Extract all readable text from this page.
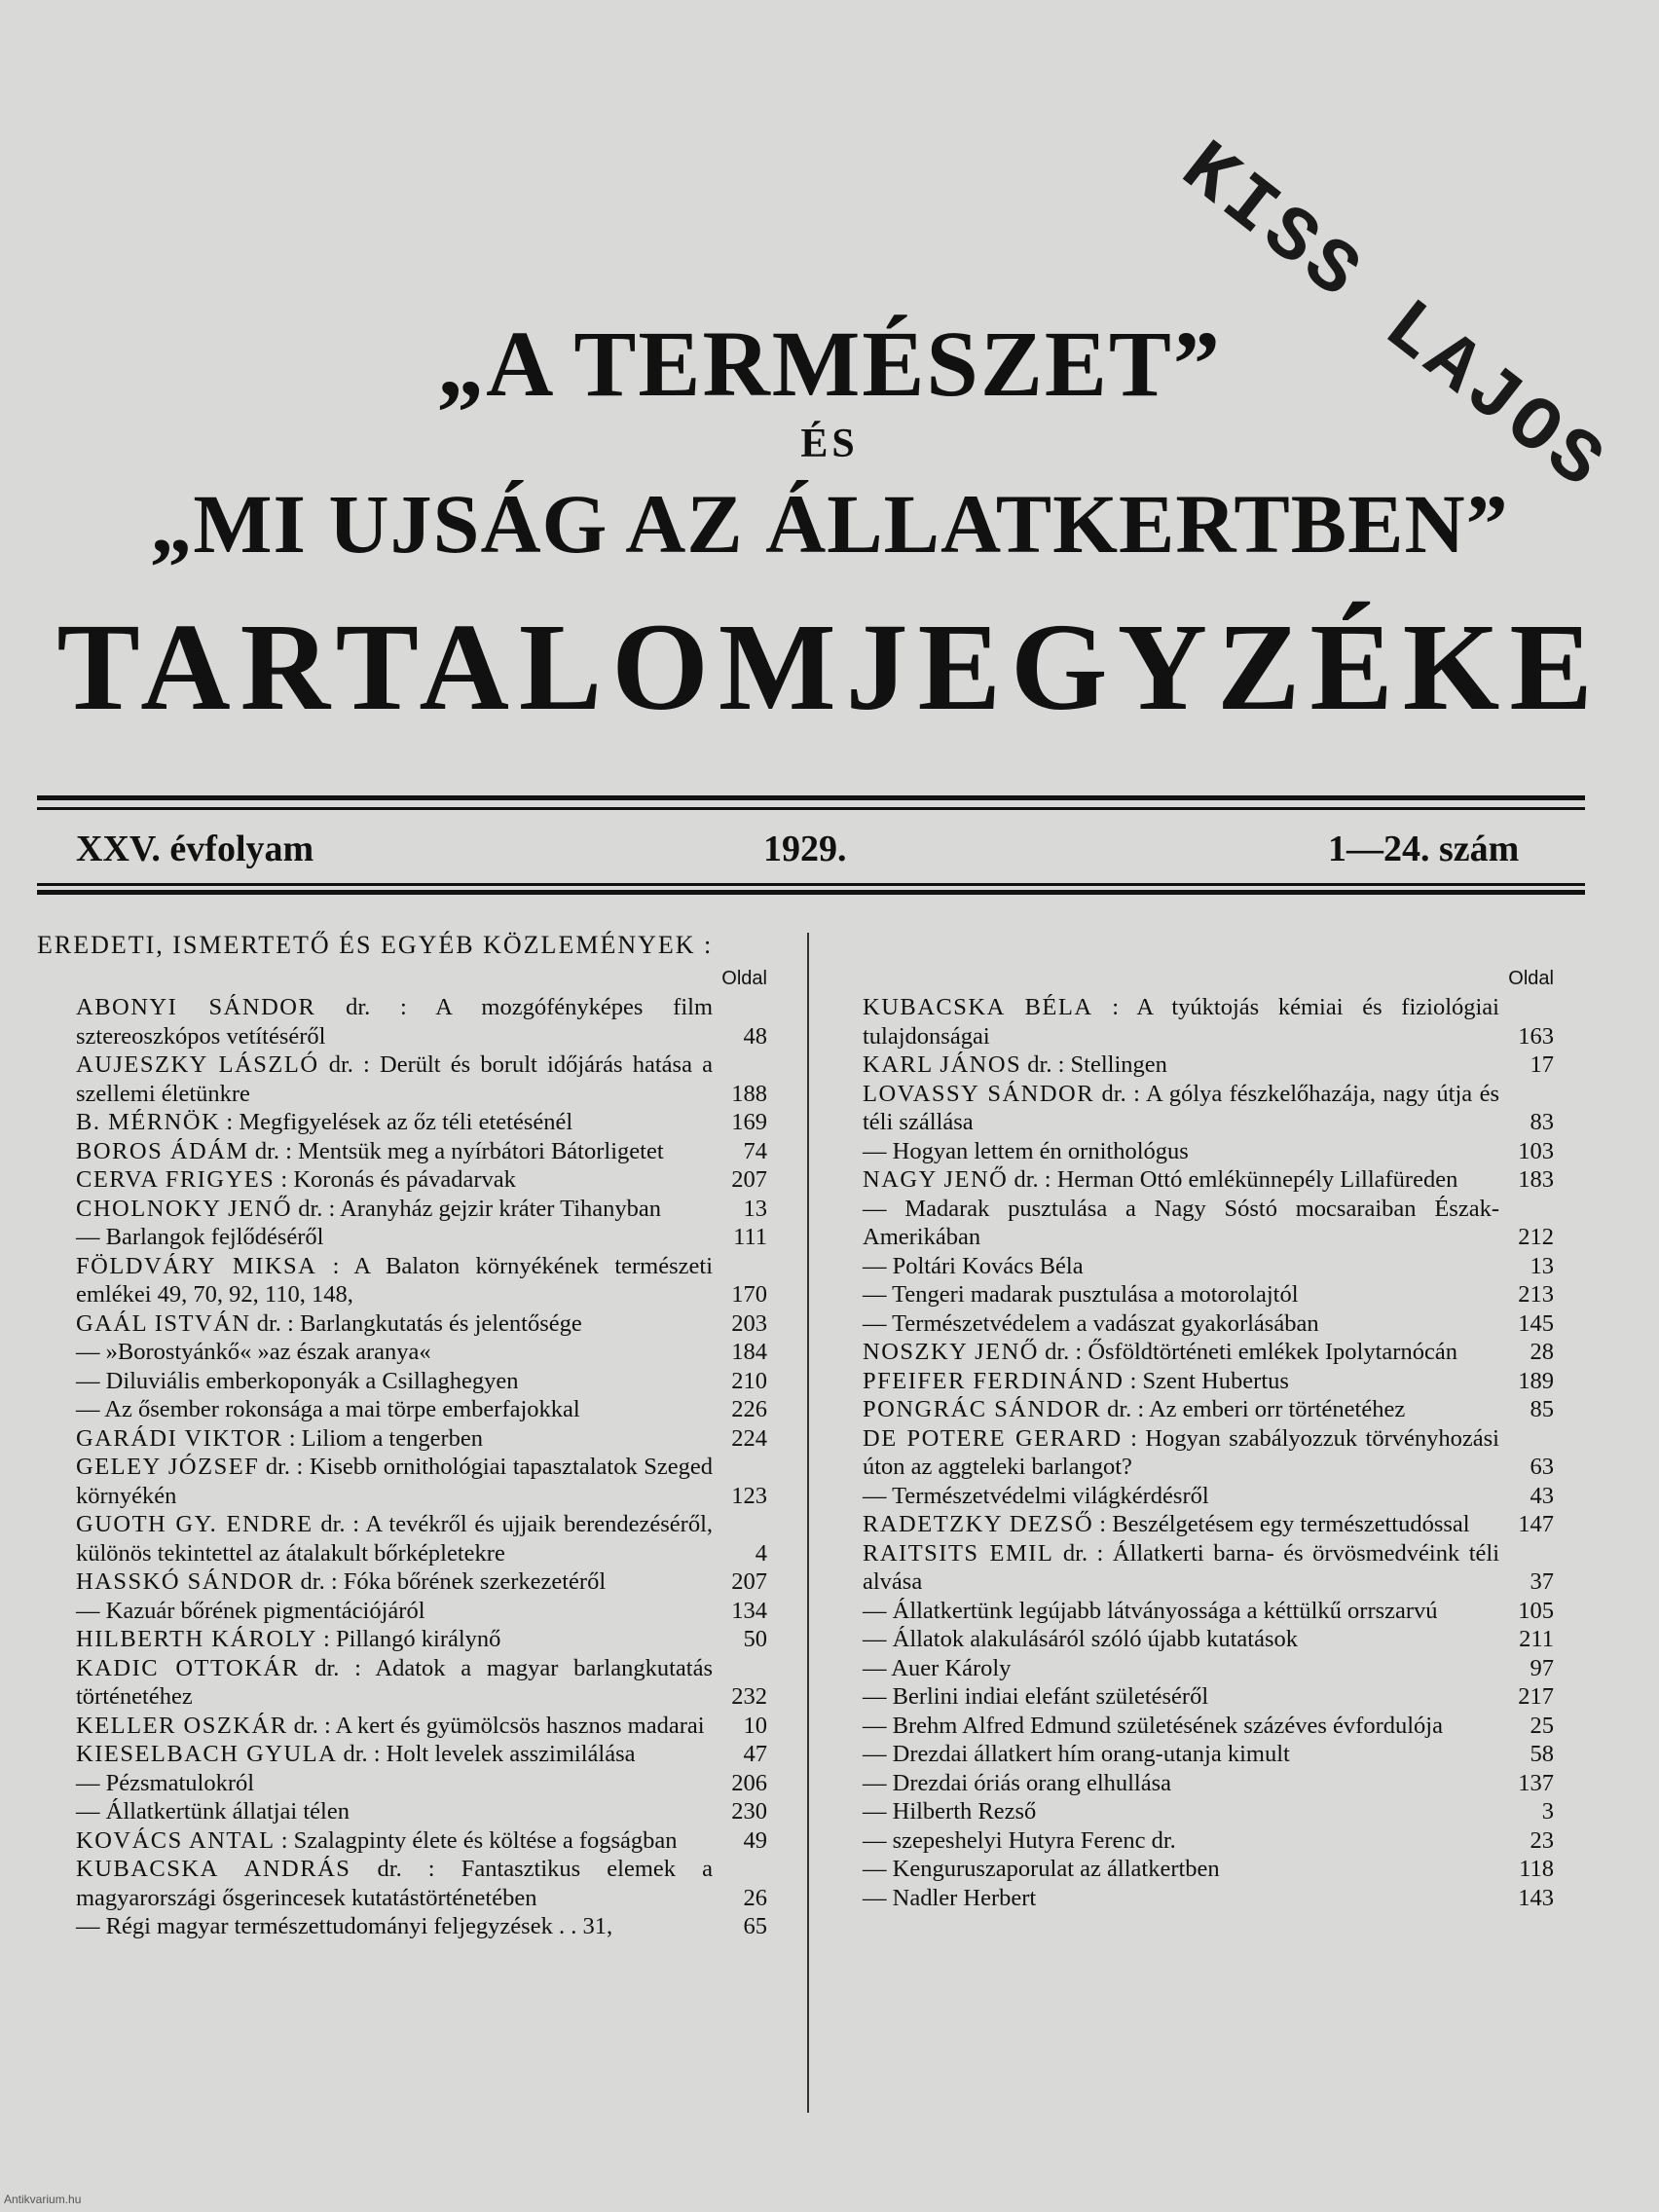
KISS LAJOS
„A TERMÉSZET”
ÉS
„MI UJSÁG AZ ÁLLATKERTBEN”
TARTALOMJEGYZÉKE
XXV. évfolyam	1929.	1—24. szám
EREDETI, ISMERTETŐ ÉS EGYÉB KÖZLEMÉNYEK :
Oldal
ABONYI SÁNDOR dr. : A mozgófényképes film sztereoszkópos vetítéséről	48
AUJESZKY LÁSZLÓ dr. : Derült és borult időjárás hatása a szellemi életünkre	188
B. MÉRNÖK : Megfigyelések az őz téli etetésénél	169
BOROS ÁDÁM dr. : Mentsük meg a nyírbátori Bátorligetet	74
CERVA FRIGYES : Koronás és pávadarvak	207
CHOLNOKY JENŐ dr. : Aranyház gejzir kráter Tihanyban	13
— Barlangok fejlődéséről	111
FÖLDVÁRY MIKSA : A Balaton környékének természeti emlékei 49, 70, 92, 110, 148,	170
GAÁL ISTVÁN dr. : Barlangkutatás és jelentősége	203
— »Borostyánkő« »az észak aranya«	184
— Diluviális emberkoponyák a Csillaghegyen	210
— Az ősember rokonsága a mai törpe emberfajokkal	226
GARÁDI VIKTOR : Liliom a tengerben	224
GELEY JÓZSEF dr. : Kisebb ornithológiai tapasztalatok Szeged környékén	123
GUOTH GY. ENDRE dr. : A tevékről és ujjaik berendezéséről, különös tekintettel az átalakult bőrképletekre	4
HASSKÓ SÁNDOR dr. : Fóka bőrének szerkezetéről	207
— Kazuár bőrének pigmentációjáról	134
HILBERTH KÁROLY : Pillangó királynő	50
KADIC OTTOKÁR dr. : Adatok a magyar barlangkutatás történetéhez	232
KELLER OSZKÁR dr. : A kert és gyümölcsös hasznos madarai	10
KIESELBACH GYULA dr. : Holt levelek asszimilálása	47
— Pézsmatulokról	206
— Állatkertünk állatjai télen	230
KOVÁCS ANTAL : Szalagpinty élete és költése a fogságban	49
KUBACSKA ANDRÁS dr. : Fantasztikus elemek a magyarországi ősgerincesek kutatástörténetében	26
— Régi magyar természettudományi feljegyzések . . 31,	65
Oldal
KUBACSKA BÉLA : A tyúktojás kémiai és fiziológiai tulajdonságai	163
KARL JÁNOS dr. : Stellingen	17
LOVASSY SÁNDOR dr. : A gólya fészkelőhazája, nagy útja és téli szállása	83
— Hogyan lettem én ornithológus	103
NAGY JENŐ dr. : Herman Ottó emlékünnepély Lillafüreden	183
— Madarak pusztulása a Nagy Sóstó mocsaraiban Észak-Amerikában	212
— Poltári Kovács Béla	13
— Tengeri madarak pusztulása a motorolajtól	213
— Természetvédelem a vadászat gyakorlásában	145
NOSZKY JENŐ dr. : Ősföldtörténeti emlékek Ipolytarnócán	28
PFEIFER FERDINÁND : Szent Hubertus	189
PONGRÁC SÁNDOR dr. : Az emberi orr történetéhez	85
DE POTERE GERARD : Hogyan szabályozzuk törvényhozási úton az aggteleki barlangot?	63
— Természetvédelmi világkérdésről	43
RADETZKY DEZSŐ : Beszélgetésem egy természettudóssal	147
RAITSITS EMIL dr. : Állatkerti barna- és örvösmedvéink téli alvása	37
— Állatkertünk legújabb látványossága a kéttülkű orrszarvú	105
— Állatok alakulásáról szóló újabb kutatások	211
— Auer Károly	97
— Berlini indiai elefánt születéséről	217
— Brehm Alfred Edmund születésének százéves évfordulója	25
— Drezdai állatkert hím orang-utanja kimult	58
— Drezdai óriás orang elhullása	137
— Hilberth Rezső	3
— szepeshelyi Hutyra Ferenc dr.	23
— Kenguruszaporulat az állatkertben	118
— Nadler Herbert	143
Antikvarium.hu
